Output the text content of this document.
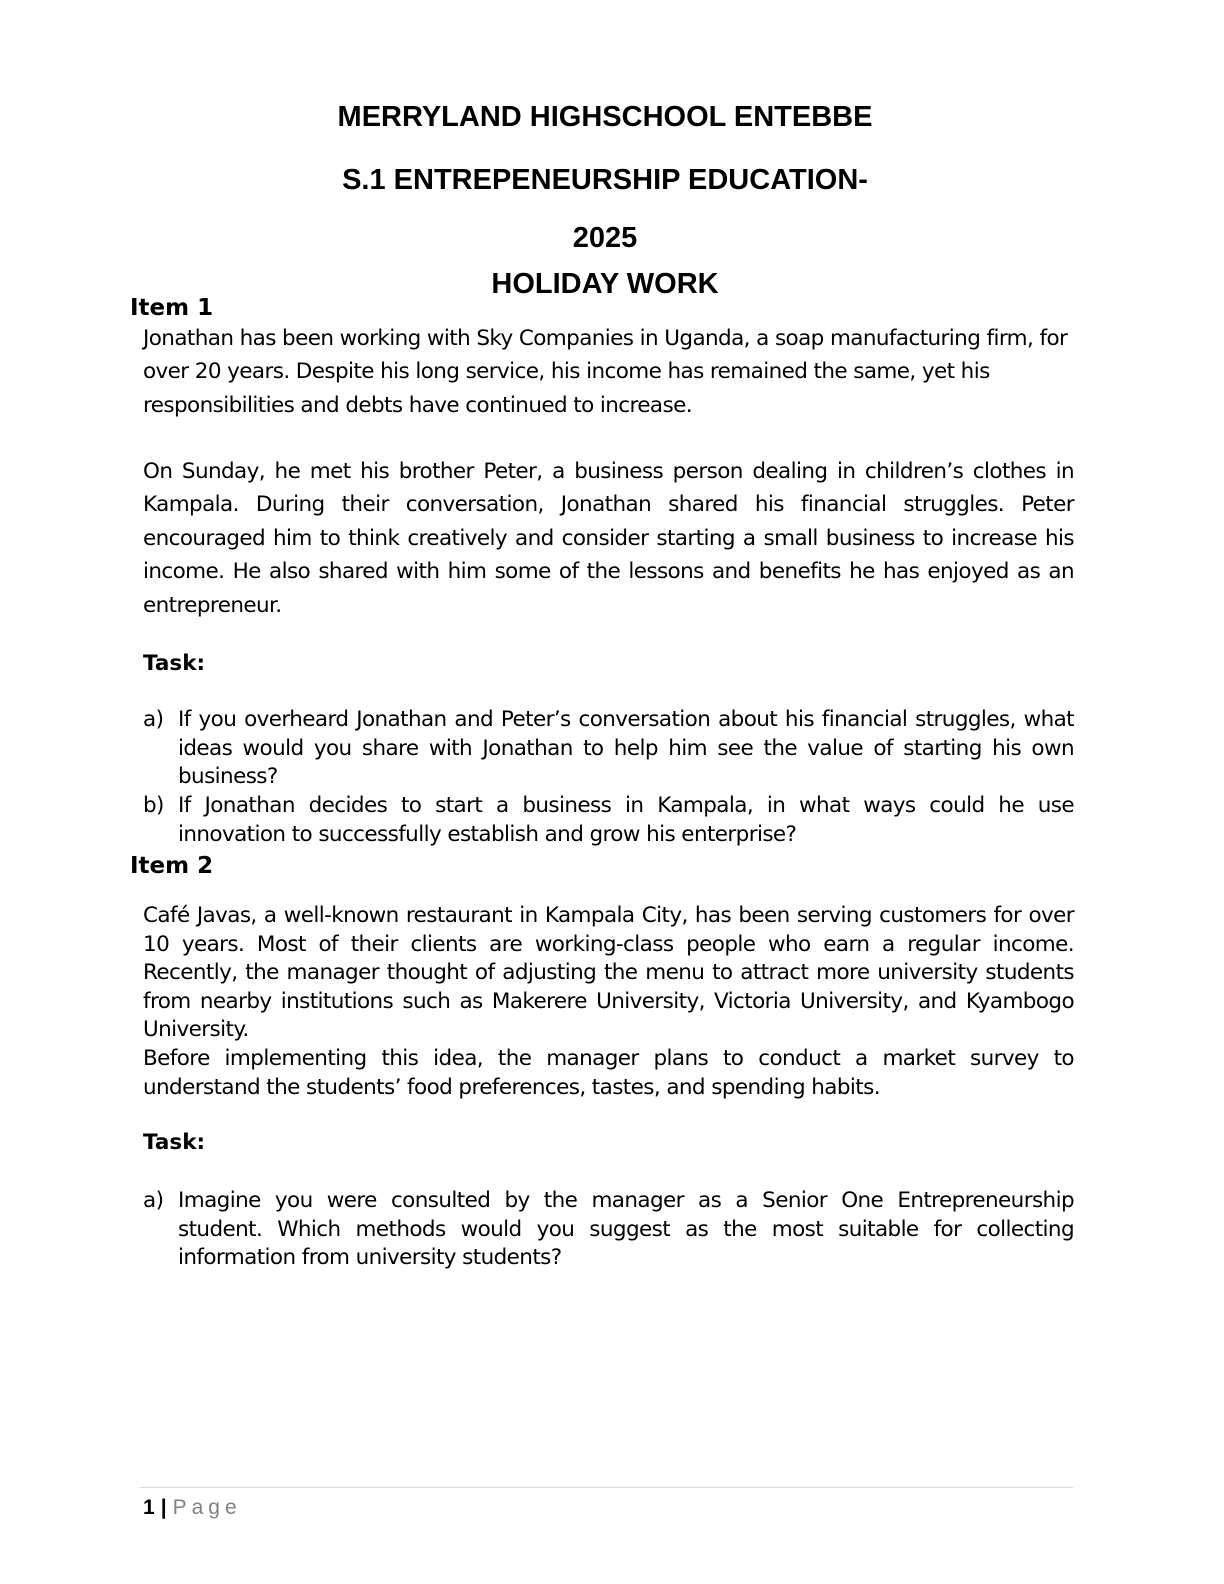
MERRYLAND HIGHSCHOOL ENTEBBE
S.1 ENTREPENEURSHIP EDUCATION-
2025
HOLIDAY WORK
Item 1

Jonathan has been working with Sky Companies in Uganda, a soap manufacturing firm, for over 20 years. Despite his long service, his income has remained the same, yet his responsibilities and debts have continued to increase.

On Sunday, he met his brother Peter, a business person dealing in children’s clothes in Kampala. During their conversation, Jonathan shared his financial struggles. Peter encouraged him to think creatively and consider starting a small business to increase his income. He also shared with him some of the lessons and benefits he has enjoyed as an entrepreneur.

Task:

a) If you overheard Jonathan and Peter’s conversation about his financial struggles, what ideas would you share with Jonathan to help him see the value of starting his own business?
b) If Jonathan decides to start a business in Kampala, in what ways could he use innovation to successfully establish and grow his enterprise?
Item 2

Café Javas, a well-known restaurant in Kampala City, has been serving customers for over 10 years. Most of their clients are working-class people who earn a regular income. Recently, the manager thought of adjusting the menu to attract more university students from nearby institutions such as Makerere University, Victoria University, and Kyambogo University.

Before implementing this idea, the manager plans to conduct a market survey to understand the students’ food preferences, tastes, and spending habits.

Task:

a) Imagine you were consulted by the manager as a Senior One Entrepreneurship student. Which methods would you suggest as the most suitable for collecting information from university students?

1 | Page
